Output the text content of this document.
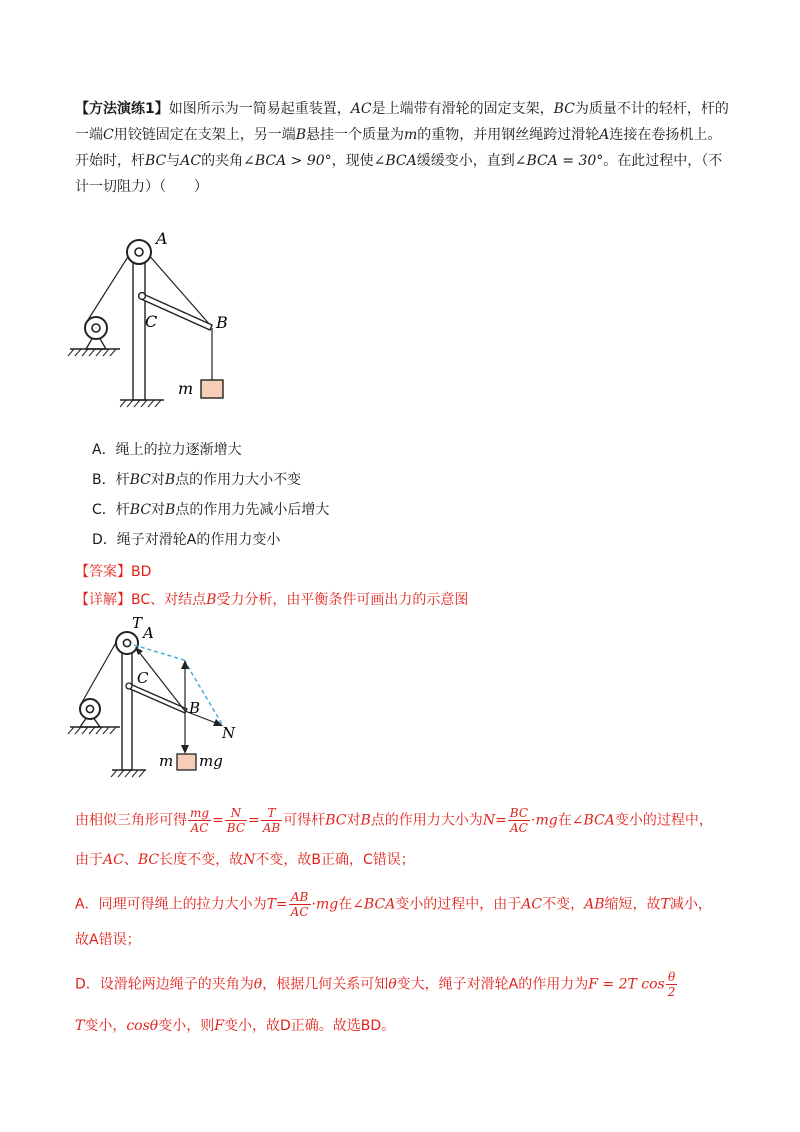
【方法演练1】如图所示为一简易起重装置，AC是上端带有滑轮的固定支架，BC为质量不计的轻杆，杆的一端C用铰链固定在支架上，另一端B悬挂一个质量为m的重物，并用钢丝绳跨过滑轮A连接在卷扬机上。开始时，杆BC与AC的夹角∠BCA > 90°，现使∠BCA缓缓变小，直到∠BCA = 30°。在此过程中，（不计一切阻力）（　　）
A
C	B
m
A．绳上的拉力逐渐增大
B．杆BC对B点的作用力大小不变
C．杆BC对B点的作用力先减小后增大
D．绳子对滑轮A的作用力变小
【答案】BD
【详解】BC、对结点B受力分析，由平衡条件可画出力的示意图
T
A
C
B
N
m mg
由相似三角形可得 $\frac{mg}{AC} = \frac{N}{BC} = \frac{T}{AB}$ 可得杆BC对B点的作用力大小为$N= \frac{BC}{AC} \cdot mg$在∠BCA变小的过程中，
由于AC、BC长度不变，故N不变，故B正确，C错误；
A．同理可得绳上的拉力大小为$T= \frac{AB}{AC} \cdot mg$在∠BCA变小的过程中，由于AC不变，AB缩短，故T减小，
故A错误；
D．设滑轮两边绳子的夹角为θ，根据几何关系可知θ变大，绳子对滑轮A的作用力为F = 2T $\cos \frac{\theta}{2}$
T变小，cosθ变小，则F变小，故D正确。故选BD。
